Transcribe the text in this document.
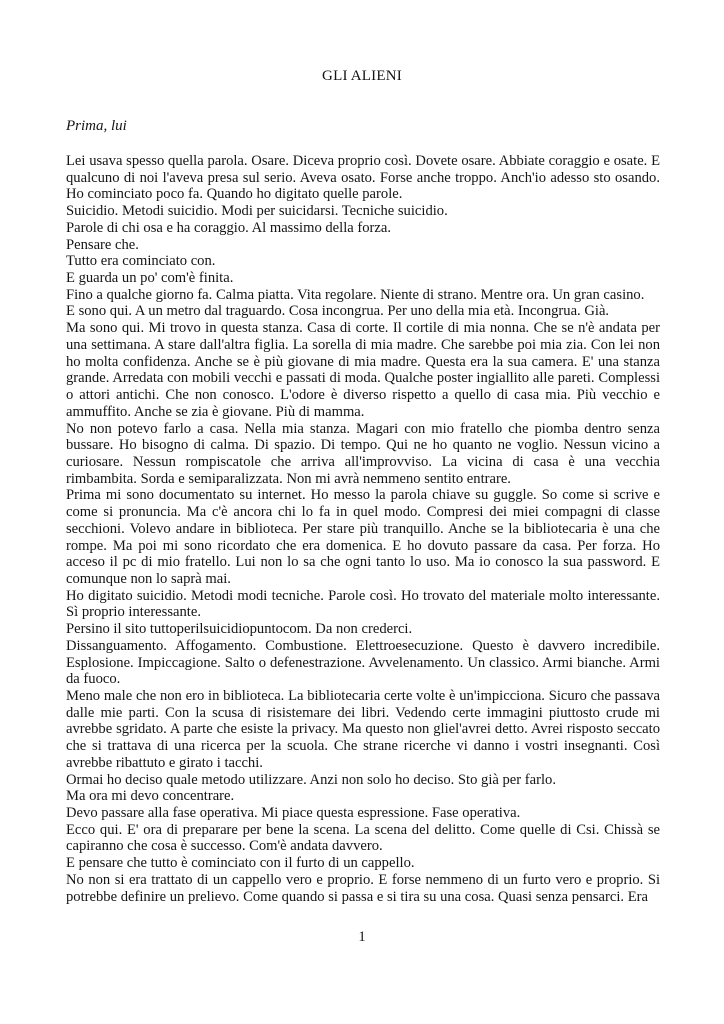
GLI ALIENI
Prima, lui

Lei usava spesso quella parola. Osare. Diceva proprio così. Dovete osare. Abbiate coraggio e osate. E qualcuno di noi l'aveva presa sul serio. Aveva osato. Forse anche troppo. Anch'io adesso sto osando. Ho cominciato poco fa. Quando ho digitato quelle parole.

Suicidio. Metodi suicidio. Modi per suicidarsi. Tecniche suicidio.

Parole di chi osa e ha coraggio. Al massimo della forza.

Pensare che.

Tutto era cominciato con.

E guarda un po' com'è finita.

Fino a qualche giorno fa. Calma piatta. Vita regolare. Niente di strano. Mentre ora. Un gran casino.

E sono qui. A un metro dal traguardo. Cosa incongrua. Per uno della mia età. Incongrua. Già.

Ma sono qui. Mi trovo in questa stanza. Casa di corte. Il cortile di mia nonna. Che se n'è andata per una settimana. A stare dall'altra figlia. La sorella di mia madre. Che sarebbe poi mia zia. Con lei non ho molta confidenza. Anche se è più giovane di mia madre. Questa era la sua camera. E' una stanza grande. Arredata con mobili vecchi e passati di moda. Qualche poster ingiallito alle pareti. Complessi o attori antichi. Che non conosco. L'odore è diverso rispetto a quello di casa mia. Più vecchio e ammuffito. Anche se zia è giovane. Più di mamma.

No non potevo farlo a casa. Nella mia stanza. Magari con mio fratello che piomba dentro senza bussare. Ho bisogno di calma. Di spazio. Di tempo. Qui ne ho quanto ne voglio. Nessun vicino a curiosare. Nessun rompiscatole che arriva all'improvviso. La vicina di casa è una vecchia rimbambita. Sorda e semiparalizzata. Non mi avrà nemmeno sentito entrare.

Prima mi sono documentato su internet. Ho messo la parola chiave su guggle. So come si scrive e come si pronuncia. Ma c'è ancora chi lo fa in quel modo. Compresi dei miei compagni di classe secchioni. Volevo andare in biblioteca. Per stare più tranquillo. Anche se la bibliotecaria è una che rompe. Ma poi mi sono ricordato che era domenica. E ho dovuto passare da casa. Per forza. Ho acceso il pc di mio fratello. Lui non lo sa che ogni tanto lo uso. Ma io conosco la sua password. E comunque non lo saprà mai.

Ho digitato suicidio. Metodi modi tecniche. Parole così. Ho trovato del materiale molto interessante. Sì proprio interessante.

Persino il sito tuttoperilsuicidiopuntocom. Da non crederci.

Dissanguamento. Affogamento. Combustione. Elettroesecuzione. Questo è davvero incredibile. Esplosione. Impiccagione. Salto o defenestrazione. Avvelenamento. Un classico. Armi bianche. Armi da fuoco.

Meno male che non ero in biblioteca. La bibliotecaria certe volte è un'impicciona. Sicuro che passava dalle mie parti. Con la scusa di risistemare dei libri. Vedendo certe immagini piuttosto crude mi avrebbe sgridato. A parte che esiste la privacy. Ma questo non gliel'avrei detto. Avrei risposto seccato che si trattava di una ricerca per la scuola. Che strane ricerche vi danno i vostri insegnanti. Così avrebbe ribattuto e girato i tacchi.

Ormai ho deciso quale metodo utilizzare. Anzi non solo ho deciso. Sto già per farlo.

Ma ora mi devo concentrare.

Devo passare alla fase operativa. Mi piace questa espressione. Fase operativa.

Ecco qui. E' ora di preparare per bene la scena. La scena del delitto. Come quelle di Csi. Chissà se capiranno che cosa è successo. Com'è andata davvero.

E pensare che tutto è cominciato con il furto di un cappello.

No non si era trattato di un cappello vero e proprio. E forse nemmeno di un furto vero e proprio. Si potrebbe definire un prelievo. Come quando si passa e si tira su una cosa. Quasi senza pensarci. Era

1
